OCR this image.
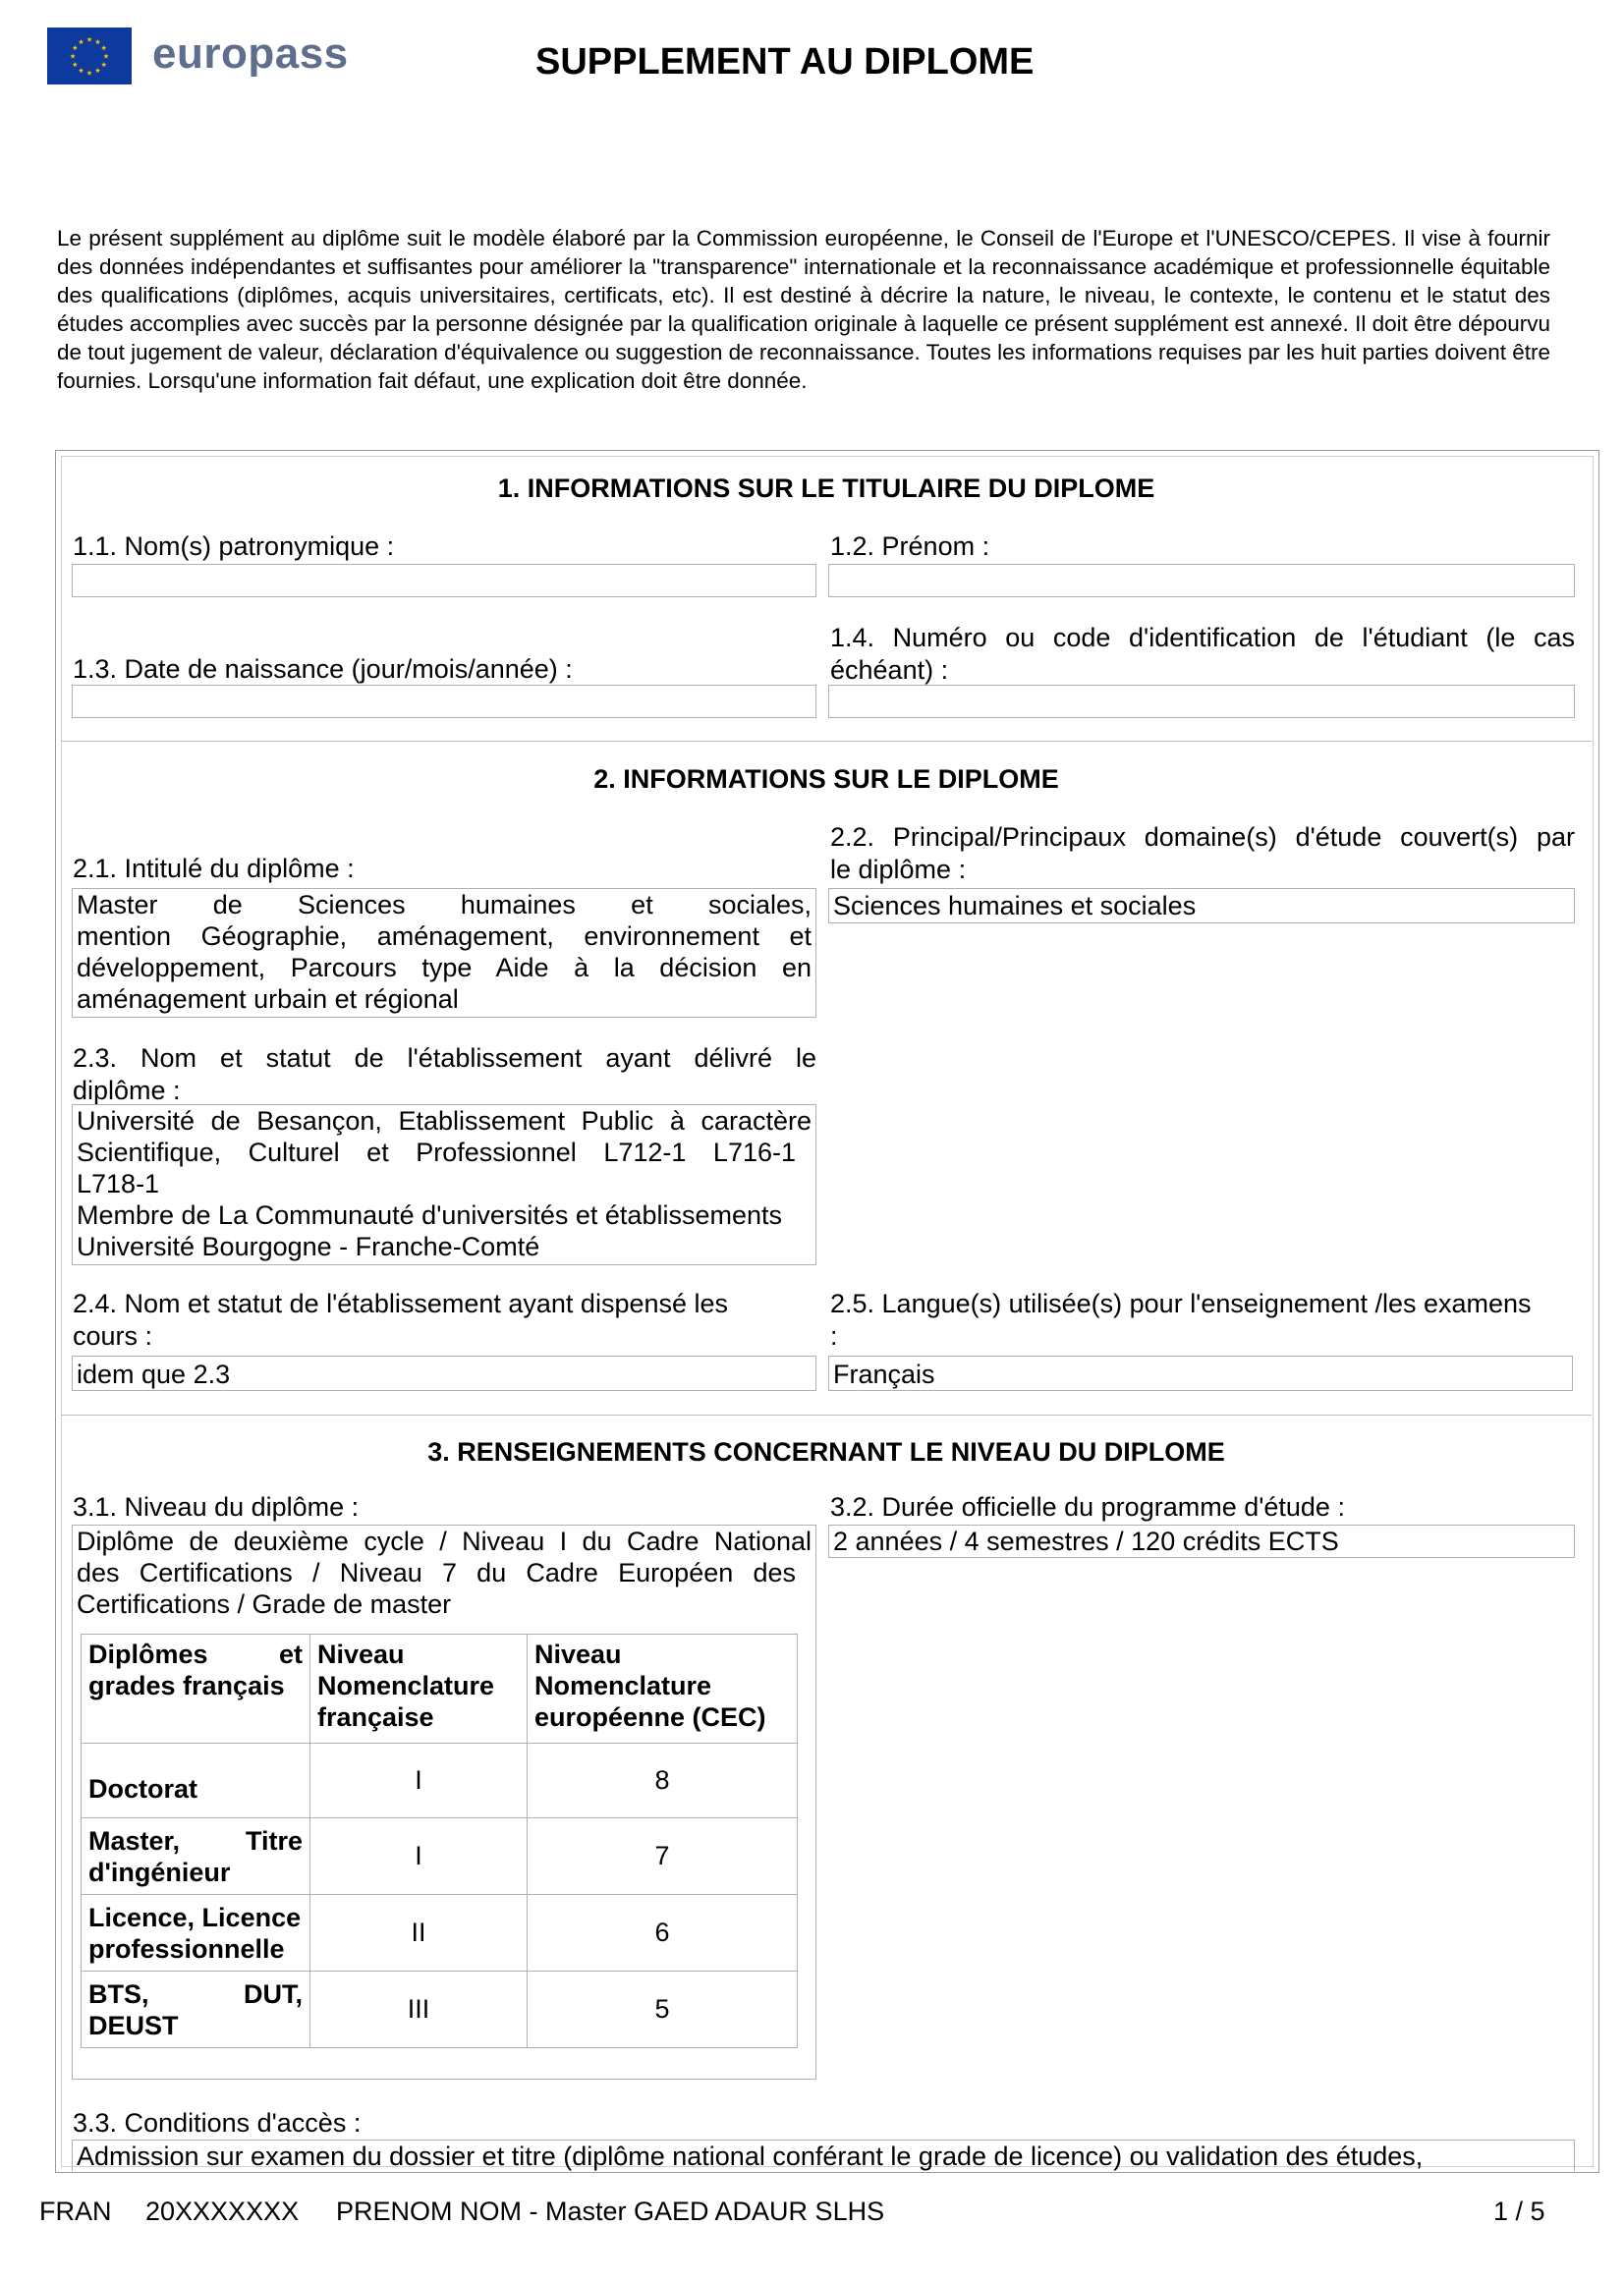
★ ★
★
★
★
★
★
★
★
★
★
★ europass	SUPPLEMENT AU DIPLOME
Le présent supplément au diplôme suit le modèle élaboré par la Commission européenne, le Conseil de l'Europe et l'UNESCO/CEPES. Il vise à fournir des données indépendantes et suffisantes pour améliorer la "transparence" internationale et la reconnaissance académique et professionnelle équitable des qualifications (diplômes, acquis universitaires, certificats, etc). Il est destiné à décrire la nature, le niveau, le contexte, le contenu et le statut des études accomplies avec succès par la personne désignée par la qualification originale à laquelle ce présent supplément est annexé. Il doit être dépourvu de tout jugement de valeur, déclaration d'équivalence ou suggestion de reconnaissance. Toutes les informations requises par les huit parties doivent être fournies. Lorsqu'une information fait défaut, une explication doit être donnée.
1. INFORMATIONS SUR LE TITULAIRE DU DIPLOME
1.1. Nom(s) patronymique :	1.2. Prénom :
1.3. Date de naissance (jour/mois/année) :
1.4. Numéro ou code d'identification de l'étudiant (le cas
échéant) :
2. INFORMATIONS SUR LE DIPLOME
2.1. Intitulé du diplôme :
Master de Sciences humaines et sociales,
mention Géographie, aménagement, environnement et
développement, Parcours type Aide à la décision en
aménagement urbain et régional
2.2. Principal/Principaux domaine(s) d'étude couvert(s) par
le diplôme :
Sciences humaines et sociales
2.3. Nom et statut de l'établissement ayant délivré le
diplôme :
Université de Besançon, Etablissement Public à caractère
Scientifique, Culturel et Professionnel L712-1 L716-1
L718-1
Membre de La Communauté d'universités et établissements
Université Bourgogne - Franche-Comté
2.4. Nom et statut de l'établissement ayant dispensé les
cours :
idem que 2.3
2.5. Langue(s) utilisée(s) pour l'enseignement /les examens
:
Français
3. RENSEIGNEMENTS CONCERNANT LE NIVEAU DU DIPLOME
3.1. Niveau du diplôme :
Diplôme de deuxième cycle / Niveau I du Cadre National
des Certifications / Niveau 7 du Cadre Européen des
Certifications / Grade de master
Diplômes et
grades français	Niveau
Nomenclature
française	Niveau
Nomenclature
européenne (CEC)

Doctorat	I	8

Master, Titre
d'ingénieur	I	7

Licence, Licence
professionnelle	II	6

BTS, DUT,
DEUST	III	5
3.2. Durée officielle du programme d'étude :
2 années / 4 semestres / 120 crédits ECTS
3.3. Conditions d'accès :
Admission sur examen du dossier et titre (diplôme national conférant le grade de licence) ou validation des études,
FRAN 20XXXXXXX PRENOM NOM - Master GAED ADAUR SLHS	1 / 5
